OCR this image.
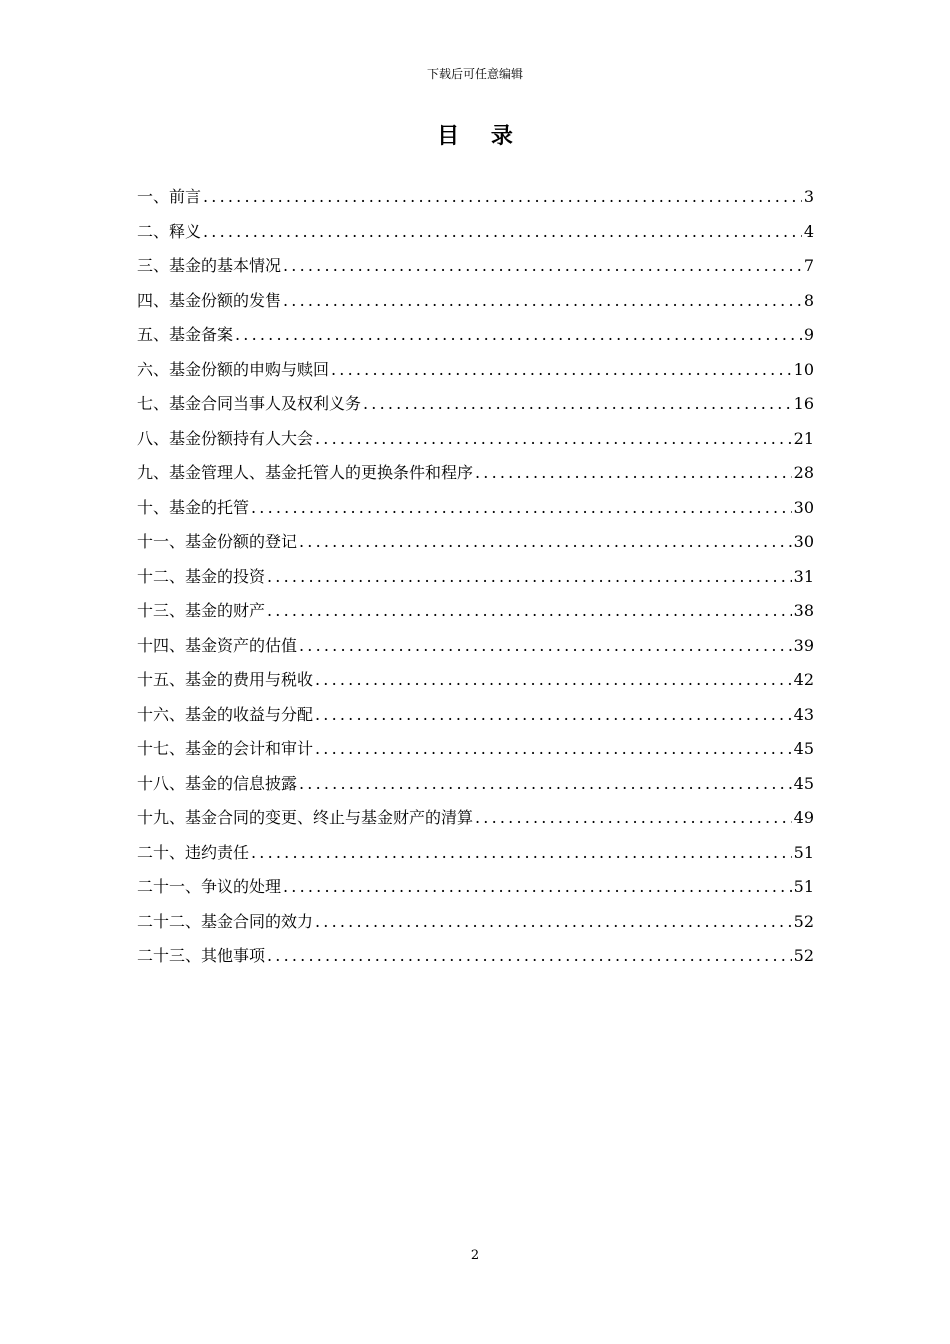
下载后可任意编辑
目 录
一、前言 .....	3
二、释义 .....	4
三、基金的基本情况 .....	7
四、基金份额的发售 .....	8
五、基金备案 .....	9
六、基金份额的申购与赎回 .....	10
七、基金合同当事人及权利义务 .....	16
八、基金份额持有人大会 .....	21
九、基金管理人、基金托管人的更换条件和程序 .....	28
十、基金的托管 .....	30
十一、基金份额的登记 .....	30
十二、基金的投资 .....	31
十三、基金的财产 .....	38
十四、基金资产的估值 .....	39
十五、基金的费用与税收 .....	42
十六、基金的收益与分配 .....	43
十七、基金的会计和审计 .....	45
十八、基金的信息披露 .....	45
十九、基金合同的变更、终止与基金财产的清算 .....	49
二十、违约责任 .....	51
二十一、争议的处理 .....	51
二十二、基金合同的效力 .....	52
二十三、其他事项 .....	52
2
